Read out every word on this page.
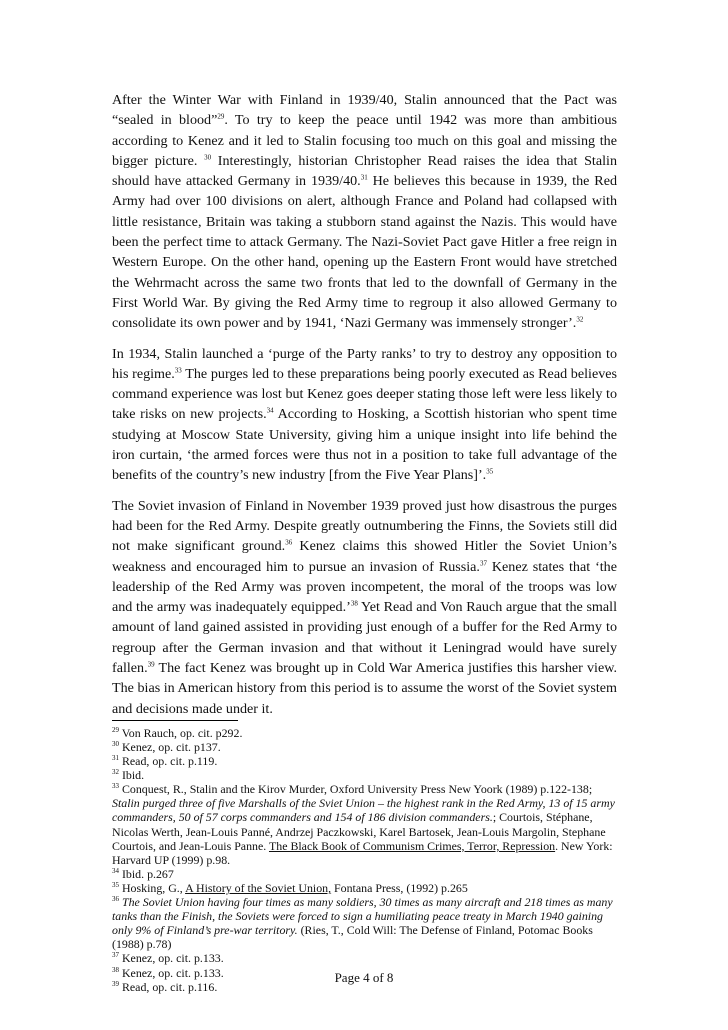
After the Winter War with Finland in 1939/40, Stalin announced that the Pact was “sealed in blood”$^{29}$. To try to keep the peace until 1942 was more than ambitious according to Kenez and it led to Stalin focusing too much on this goal and missing the bigger picture. $^{30}$ Interestingly, historian Christopher Read raises the idea that Stalin should have attacked Germany in 1939/40.31 He believes this because in 1939, the Red Army had over 100 divisions on alert, although France and Poland had collapsed with little resistance, Britain was taking a stubborn stand against the Nazis. This would have been the perfect time to attack Germany. The Nazi-Soviet Pact gave Hitler a free reign in Western Europe. On the other hand, opening up the Eastern Front would have stretched the Wehrmacht across the same two fronts that led to the downfall of Germany in the First World War. By giving the Red Army time to regroup it also allowed Germany to consolidate its own power and by 1941, ‘Nazi Germany was immensely stronger’.$^{32}$

In 1934, Stalin launched a ‘purge of the Party ranks’ to try to destroy any opposition to his regime.$^{33}$ The purges led to these preparations being poorly executed as Read believes command experience was lost but Kenez goes deeper stating those left were less likely to take risks on new projects.$^{34}$ According to Hosking, a Scottish historian who spent time studying at Moscow State University, giving him a unique insight into life behind the iron curtain, ‘the armed forces were thus not in a position to take full advantage of the benefits of the country’s new industry [from the Five Year Plans]’.$^{35}$

The Soviet invasion of Finland in November 1939 proved just how disastrous the purges had been for the Red Army. Despite greatly outnumbering the Finns, the Soviets still did not make significant ground.$^{36}$ Kenez claims this showed Hitler the Soviet Union’s weakness and encouraged him to pursue an invasion of Russia.$^{37}$ Kenez states that ‘the leadership of the Red Army was proven incompetent, the moral of the troops was low and the army was inadequately equipped.’$^{38}$ Yet Read and Von Rauch argue that the small amount of land gained assisted in providing just enough of a buffer for the Red Army to regroup after the German invasion and that without it Leningrad would have surely fallen.$^{39}$ The fact Kenez was brought up in Cold War America justifies this harsher view. The bias in American history from this period is to assume the worst of the Soviet system and decisions made under it.

$^{29}$ Von Rauch, op. cit. p292.

$^{30}$ Kenez, op. cit. p137.

$^{31}$ Read, op. cit. p.119.

$^{32}$ Ibid.

$^{33}$ Conquest, R., Stalin and the Kirov Murder, Oxford University Press New Yoork (1989) p.122-138; Stalin purged three of five Marshalls of the Sviet Union – the highest rank in the Red Army, 13 of 15 army commanders, 50 of 57 corps commanders and 154 of 186 division commanders.; Courtois, Stéphane, Nicolas Werth, Jean-Louis Panné, Andrzej Paczkowski, Karel Bartosek, Jean-Louis Margolin, Stephane Courtois, and Jean-Louis Panne. The Black Book of Communism Crimes, Terror, Repression. New York: Harvard UP (1999) p.98.

$^{34}$ Ibid. p.267

$^{35}$ Hosking, G., A History of the Soviet Union, Fontana Press, (1992) p.265

$^{36}$ The Soviet Union having four times as many soldiers, 30 times as many aircraft and 218 times as many tanks than the Finish, the Soviets were forced to sign a humiliating peace treaty in March 1940 gaining only 9% of Finland’s pre-war territory. (Ries, T., Cold Will: The Defense of Finland, Potomac Books (1988) p.78)

$^{37}$ Kenez, op. cit. p.133.

$^{38}$ Kenez, op. cit. p.133.

$^{39}$ Read, op. cit. p.116.

Page 4 of 8
